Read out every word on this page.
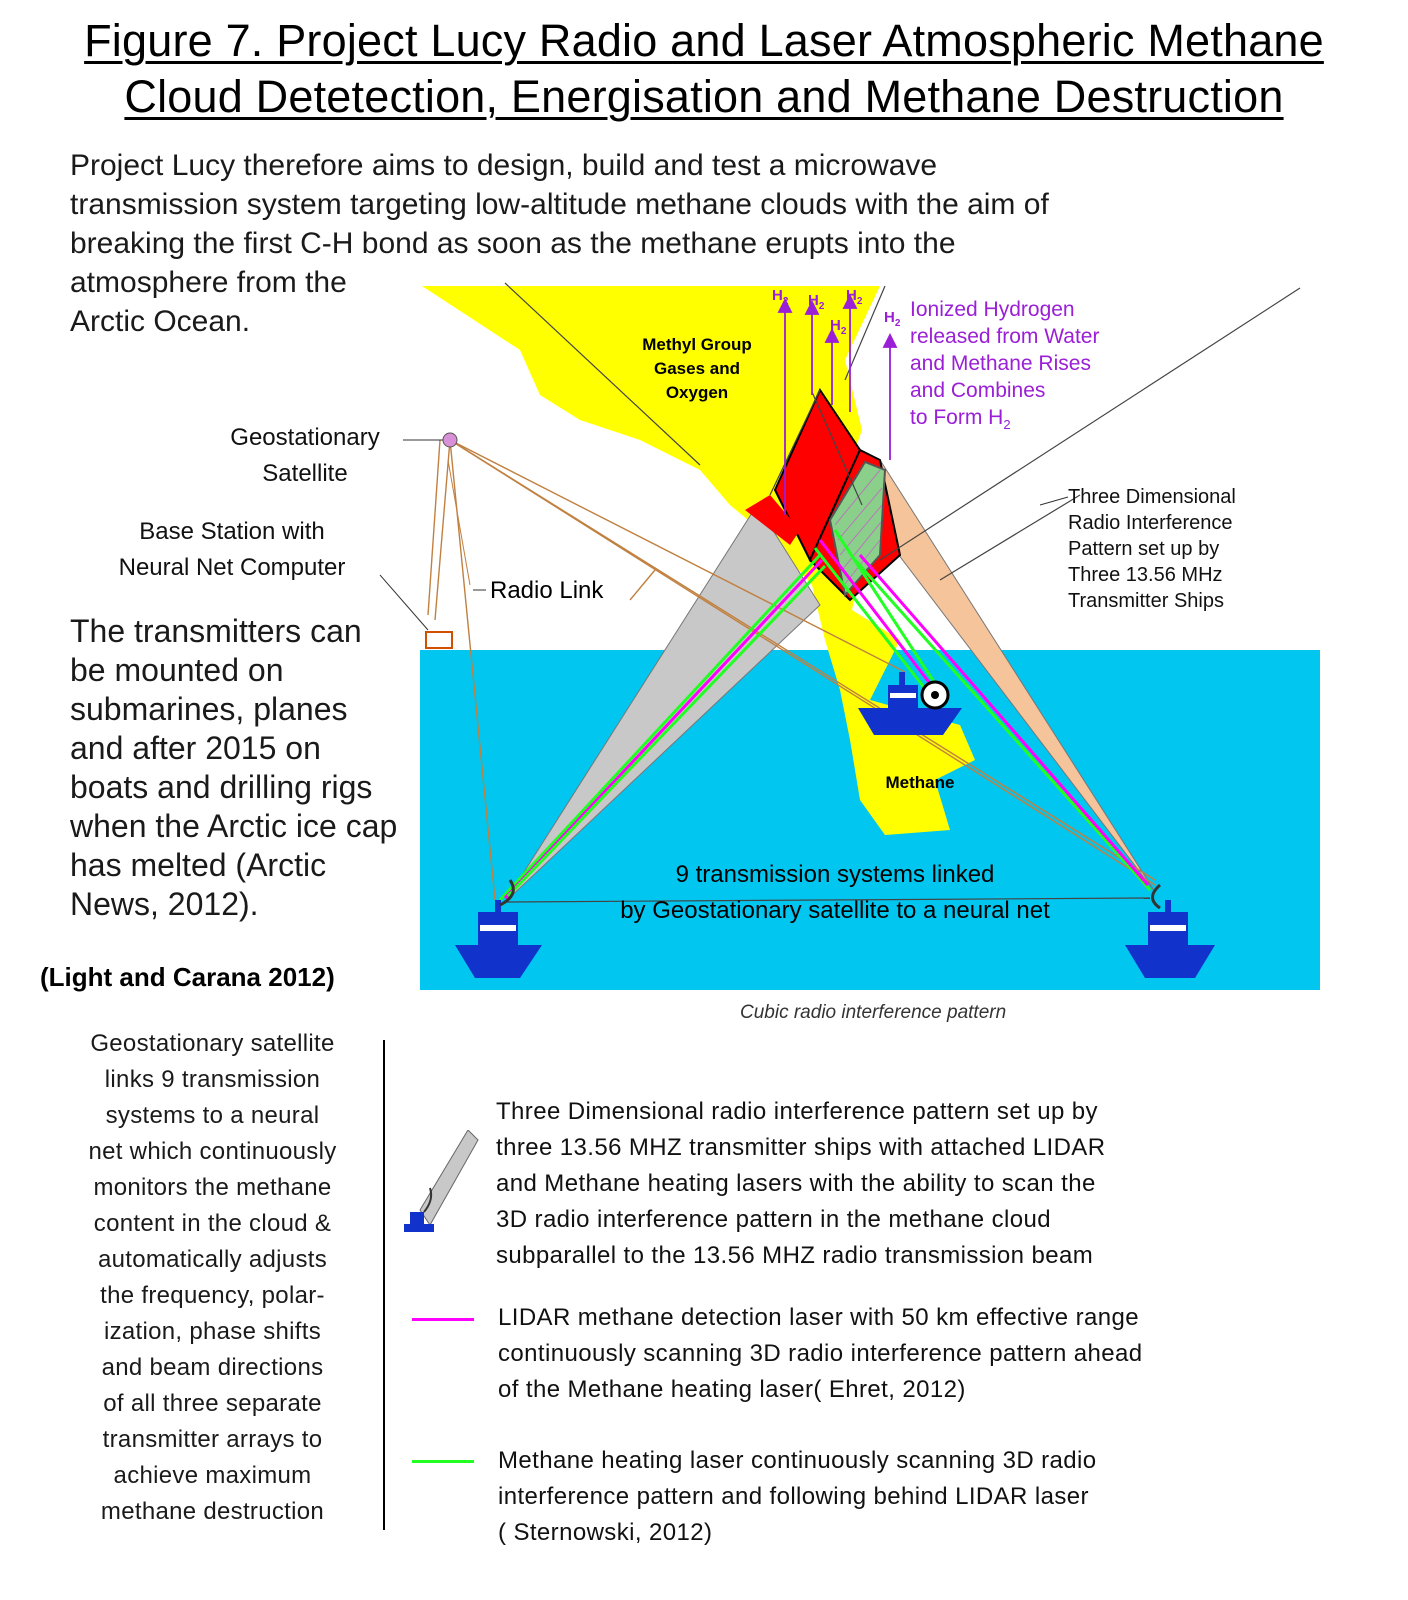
Figure 7. Project Lucy Radio and Laser Atmospheric Methane
Cloud Detetection, Energisation and Methane Destruction
Project Lucy therefore aims to design, build and test a microwave
transmission system targeting low-altitude methane clouds with the aim of
breaking the first C-H bond as soon as the methane erupts into the
atmosphere from the
Arctic Ocean.
Methyl Group
Gases and
Oxygen
Methane
$H_2$ $H_2$
$H_2$
$H_2$
$H_2$
Ionized Hydrogen
released from Water
and Methane Rises
and Combines
to Form $H_2$
Three Dimensional
Radio Interference
Pattern set up by
Three 13.56 MHz
Transmitter Ships
9 transmission systems linked
by Geostationary satellite to a neural net
Radio Link
Geostationary
Satellite
Base Station with
Neural Net Computer
The transmitters can
be mounted on
submarines, planes
and after 2015 on
boats and drilling rigs
when the Arctic ice cap
has melted (Arctic
News, 2012).
(Light and Carana 2012)
Cubic radio interference pattern
Geostationary satellite
links 9 transmission
systems to a neural
net which continuously
monitors the methane
content in the cloud &
automatically adjusts
the frequency, polar-
ization, phase shifts
and beam directions
of all three separate
transmitter arrays to
achieve maximum
methane destruction
Three Dimensional radio interference pattern set up by
three 13.56 MHZ transmitter ships with attached LIDAR
and Methane heating lasers with the ability to scan the
3D radio interference pattern in the methane cloud
subparallel to the 13.56 MHZ radio transmission beam
LIDAR methane detection laser with 50 km effective range
continuously scanning 3D radio interference pattern ahead
of the Methane heating laser( Ehret, 2012)
Methane heating laser continuously scanning 3D radio
interference pattern and following behind LIDAR laser
( Sternowski, 2012)
